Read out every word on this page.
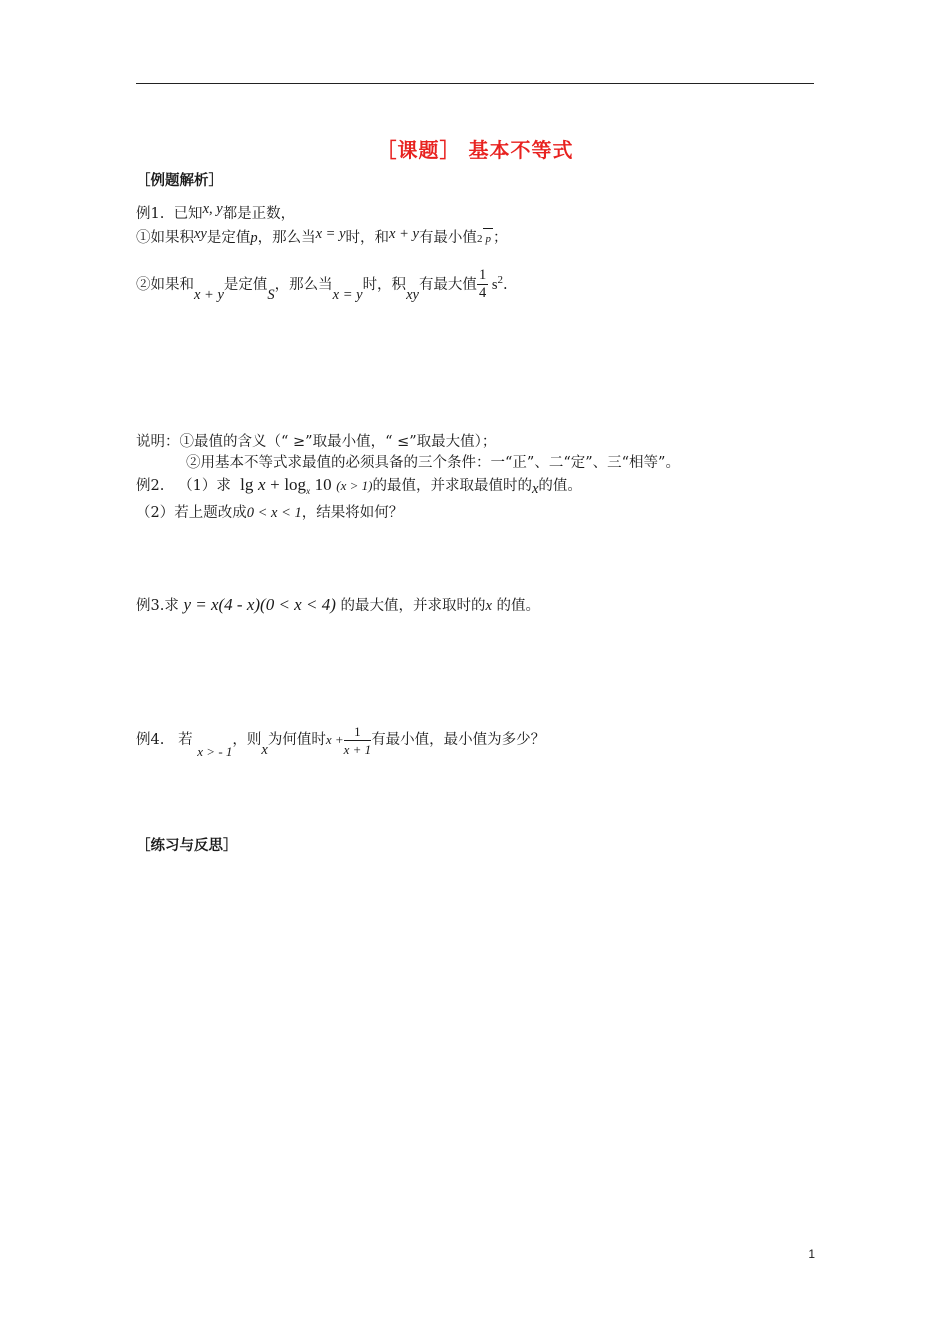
［课题］ 基本不等式
［例题解析］
例1. 已知x, y都是正数，
①如果积xy是定值p，那么当x = y时，和x + y有最小值2 p ；
②如果和x + y是定值S，那么当x = y时，积xy有最大值 $\frac{1}{4} s^2$.
说明：①最值的含义（“ ≥”取最小值，“ ≤”取最大值）；
②用基本不等式求最值的必须具备的三个条件：一“正”、二“定”、三“相等”。
例2. （1）求 $\lg x + \log_x 10$ (x > 1)的最值，并求取最值时的x的值。
（2）若上题改成0 < x < 1，结果将如何？
例3.求 y = x(4 - x)(0 < x < 4) 的最大值，并求取时的x 的值。
例4. 若 x > - 1，则x为何值时$x + \frac{1}{x + 1}$ 有最小值，最小值为多少？
［练习与反思］
1
